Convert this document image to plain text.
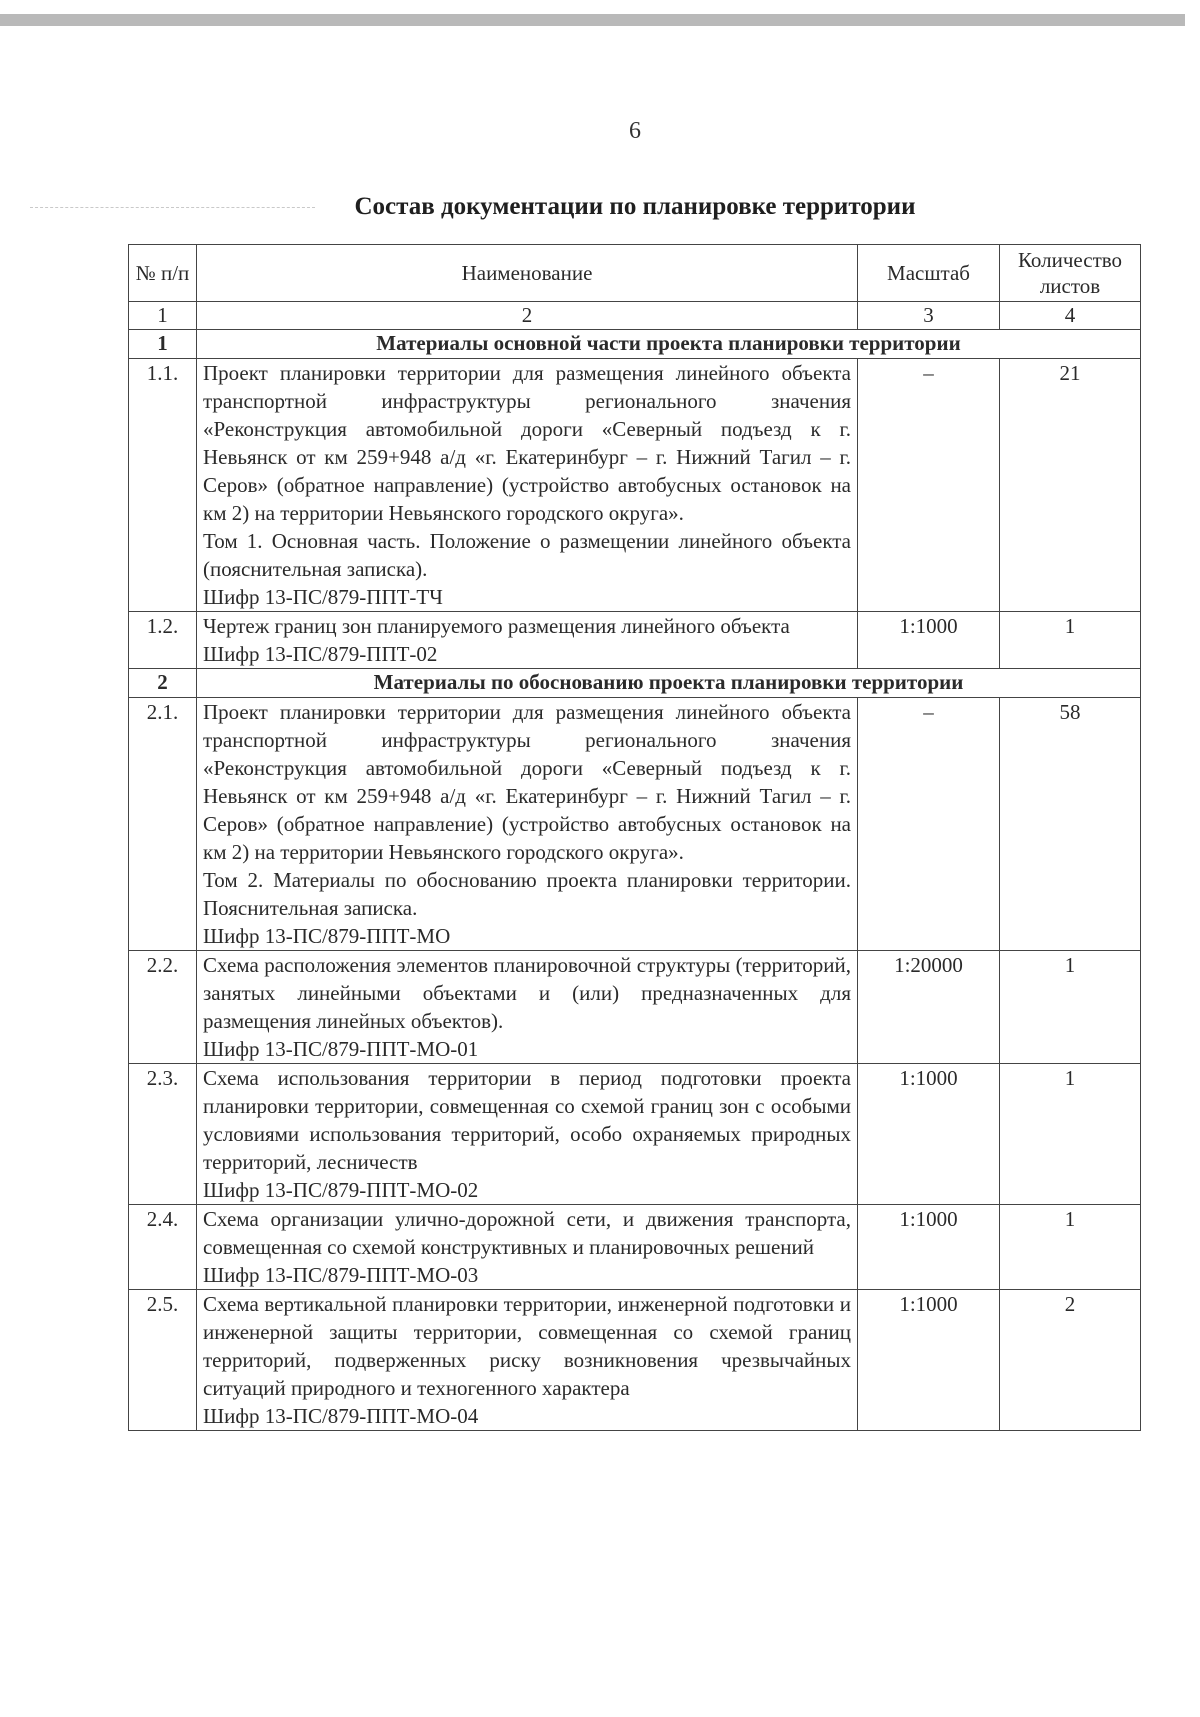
6
Состав документации по планировке территории
№ п/п	Наименование	Масштаб	Количество листов
1	2	3	4
1	Материалы основной части проекта планировки территории		
1.1.	Проект планировки территории для размещения линейного объекта транспортной инфраструктуры регионального значения «Реконструкция автомобильной дороги «Северный подъезд к г. Невьянск от км 259+948 а/д «г. Екатеринбург – г. Нижний Тагил – г. Серов» (обратное направление) (устройство автобусных остановок на км 2) на территории Невьянского городского округа».
Том 1. Основная часть. Положение о размещении линейного объекта (пояснительная записка).
Шифр 13-ПС/879-ППТ-ТЧ	–	21
1.2.	Чертеж границ зон планируемого размещения линейного объекта
Шифр 13-ПС/879-ППТ-02	1:1000	1
2	Материалы по обоснованию проекта планировки территории		
2.1.	Проект планировки территории для размещения линейного объекта транспортной инфраструктуры регионального значения «Реконструкция автомобильной дороги «Северный подъезд к г. Невьянск от км 259+948 а/д «г. Екатеринбург – г. Нижний Тагил – г. Серов» (обратное направление) (устройство автобусных остановок на км 2) на территории Невьянского городского округа».
Том 2. Материалы по обоснованию проекта планировки территории. Пояснительная записка.
Шифр 13-ПС/879-ППТ-МО	–	58
2.2.	Схема расположения элементов планировочной структуры (территорий, занятых линейными объектами и (или) предназначенных для размещения линейных объектов).
Шифр 13-ПС/879-ППТ-МО-01	1:20000	1
2.3.	Схема использования территории в период подготовки проекта планировки территории, совмещенная со схемой границ зон с особыми условиями использования территорий, особо охраняемых природных территорий, лесничеств
Шифр 13-ПС/879-ППТ-МО-02	1:1000	1
2.4.	Схема организации улично-дорожной сети, и движения транспорта, совмещенная со схемой конструктивных и планировочных решений
Шифр 13-ПС/879-ППТ-МО-03	1:1000	1
2.5.	Схема вертикальной планировки территории, инженерной подготовки и инженерной защиты территории, совмещенная со схемой границ территорий, подверженных риску возникновения чрезвычайных ситуаций природного и техногенного характера
Шифр 13-ПС/879-ППТ-МО-04	1:1000	2
